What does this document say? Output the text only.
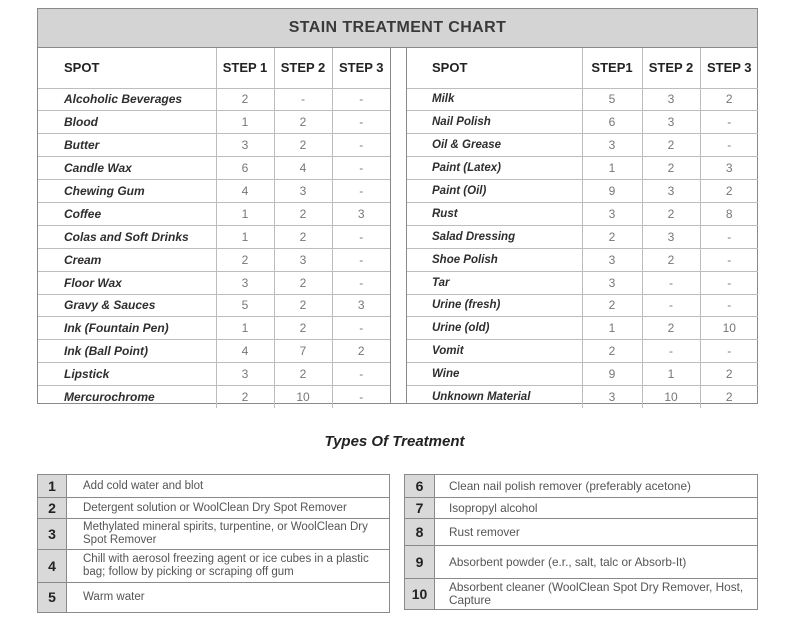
STAIN TREATMENT CHART
SPOT	STEP 1	STEP 2	STEP 3
Alcoholic Beverages	2	-	-
Blood	1	2	-
Butter	3	2	-
Candle Wax	6	4	-
Chewing Gum	4	3	-
Coffee	1	2	3
Colas and Soft Drinks	1	2	-
Cream	2	3	-
Floor Wax	3	2	-
Gravy & Sauces	5	2	3
Ink (Fountain Pen)	1	2	-
Ink (Ball Point)	4	7	2
Lipstick	3	2	-
Mercurochrome	2	10	-
SPOT	STEP1	STEP 2	STEP 3
Milk	5	3	2
Nail Polish	6	3	-
Oil & Grease	3	2	-
Paint (Latex)	1	2	3
Paint (Oil)	9	3	2
Rust	3	2	8
Salad Dressing	2	3	-
Shoe Polish	3	2	-
Tar	3	-	-
Urine (fresh)	2	-	-
Urine (old)	1	2	10
Vomit	2	-	-
Wine	9	1	2
Unknown Material	3	10	2
Types Of Treatment
1	Add cold water and blot
2	Detergent solution or WoolClean Dry Spot Remover
3	Methylated mineral spirits, turpentine, or WoolClean Dry Spot Remover
4	Chill with aerosol freezing agent or ice cubes in a plastic bag; follow by picking or scraping off gum
5	Warm water
6	Clean nail polish remover (preferably acetone)
7	Isopropyl alcohol
8	Rust remover
9	Absorbent powder (e.r., salt, talc or Absorb-It)
10	Absorbent cleaner (WoolClean Spot Dry Remover, Host, Capture
